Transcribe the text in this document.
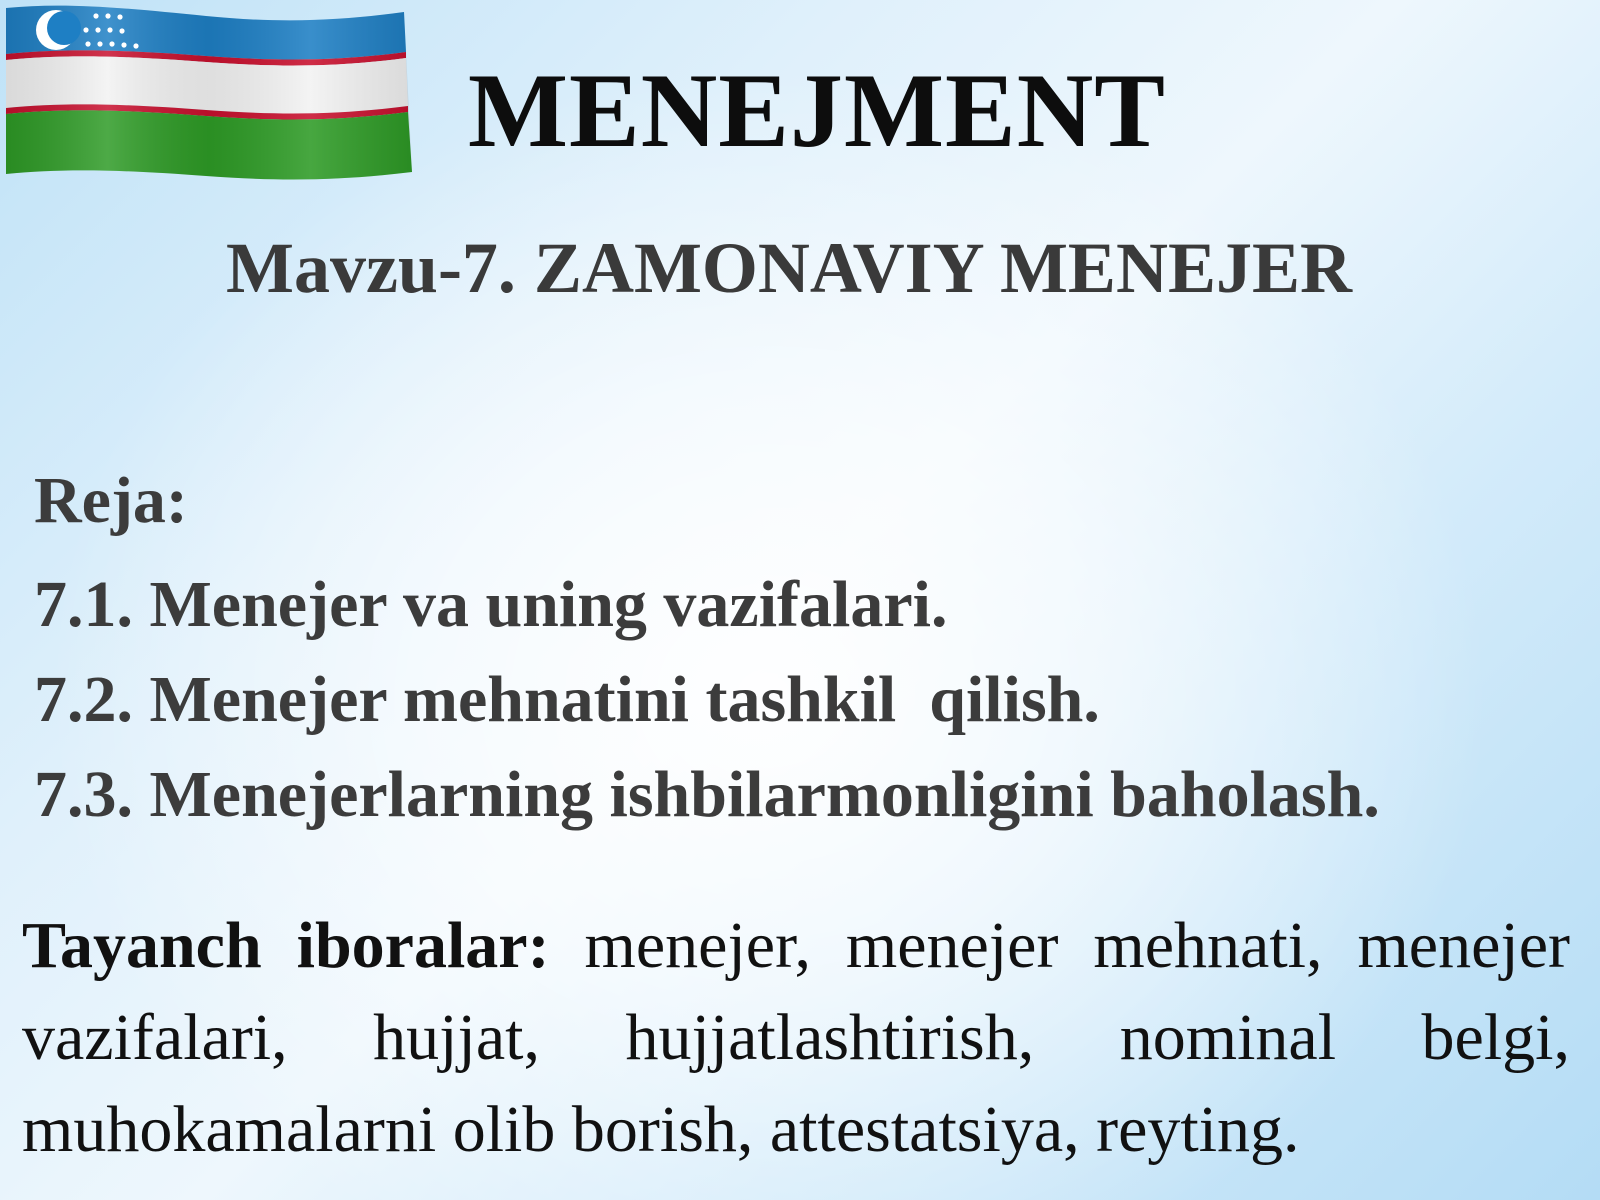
MENEJMENT
Mavzu-7. ZAMONAVIY MENEJER

Reja:

7.1. Menejer va uning vazifalari.
7.2. Menejer mehnatini tashkil  qilish.
7.3. Menejerlarning ishbilarmonligini baholash.

Tayanch iboralar: menejer, menejer mehnati, menejer vazifalari, hujjat, hujjatlashtirish, nominal belgi, muhokamalarni olib borish, attestatsiya, reyting.
